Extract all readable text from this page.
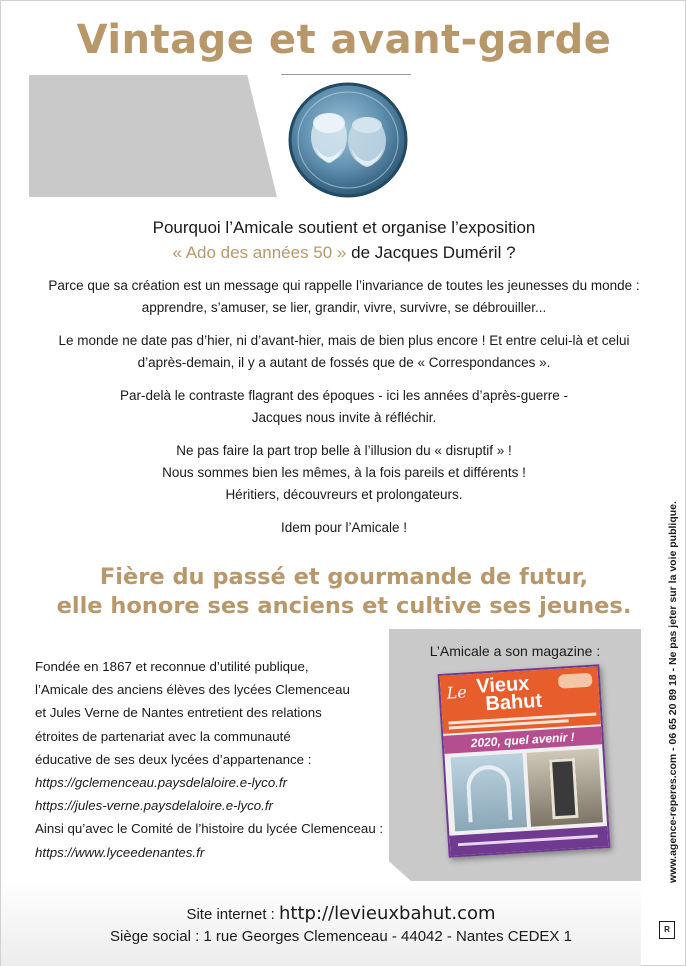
Vintage et avant-garde
Pourquoi l’Amicale soutient et organise l’exposition
« Ado des années 50 » de Jacques Duméril ?
Parce que sa création est un message qui rappelle l’invariance de toutes les jeunesses du monde :
apprendre, s’amuser, se lier, grandir, vivre, survivre, se débrouiller...
Le monde ne date pas d’hier, ni d’avant-hier, mais de bien plus encore ! Et entre celui-là et celui
d’après-demain, il y a autant de fossés que de « Correspondances ».
Par-delà le contraste flagrant des époques - ici les années d’après-guerre -
Jacques nous invite à réfléchir.
Ne pas faire la part trop belle à l’illusion du « disruptif » !
Nous sommes bien les mêmes, à la fois pareils et différents !
Héritiers, découvreurs et prolongateurs.
Idem pour l’Amicale !
Fière du passé et gourmande de futur,
elle honore ses anciens et cultive ses jeunes.
L’Amicale a son magazine :
Le Vieux
Bahut
2020, quel avenir !
Fondée en 1867 et reconnue d’utilité publique,
l’Amicale des anciens élèves des lycées Clemenceau
et Jules Verne de Nantes entretient des relations
étroites de partenariat avec la communauté
éducative de ses deux lycées d’appartenance :
https://gclemenceau.paysdelaloire.e-lyco.fr
https://jules-verne.paysdelaloire.e-lyco.fr
Ainsi qu’avec le Comité de l’histoire du lycée Clemenceau :
https://www.lyceedenantes.fr
Site internet : http://levieuxbahut.com
Siège social : 1 rue Georges Clemenceau - 44042 - Nantes CEDEX 1
www.agence-reperes.com - 06 65 20 89 18 - Ne pas jeter sur la voie publique.
R
